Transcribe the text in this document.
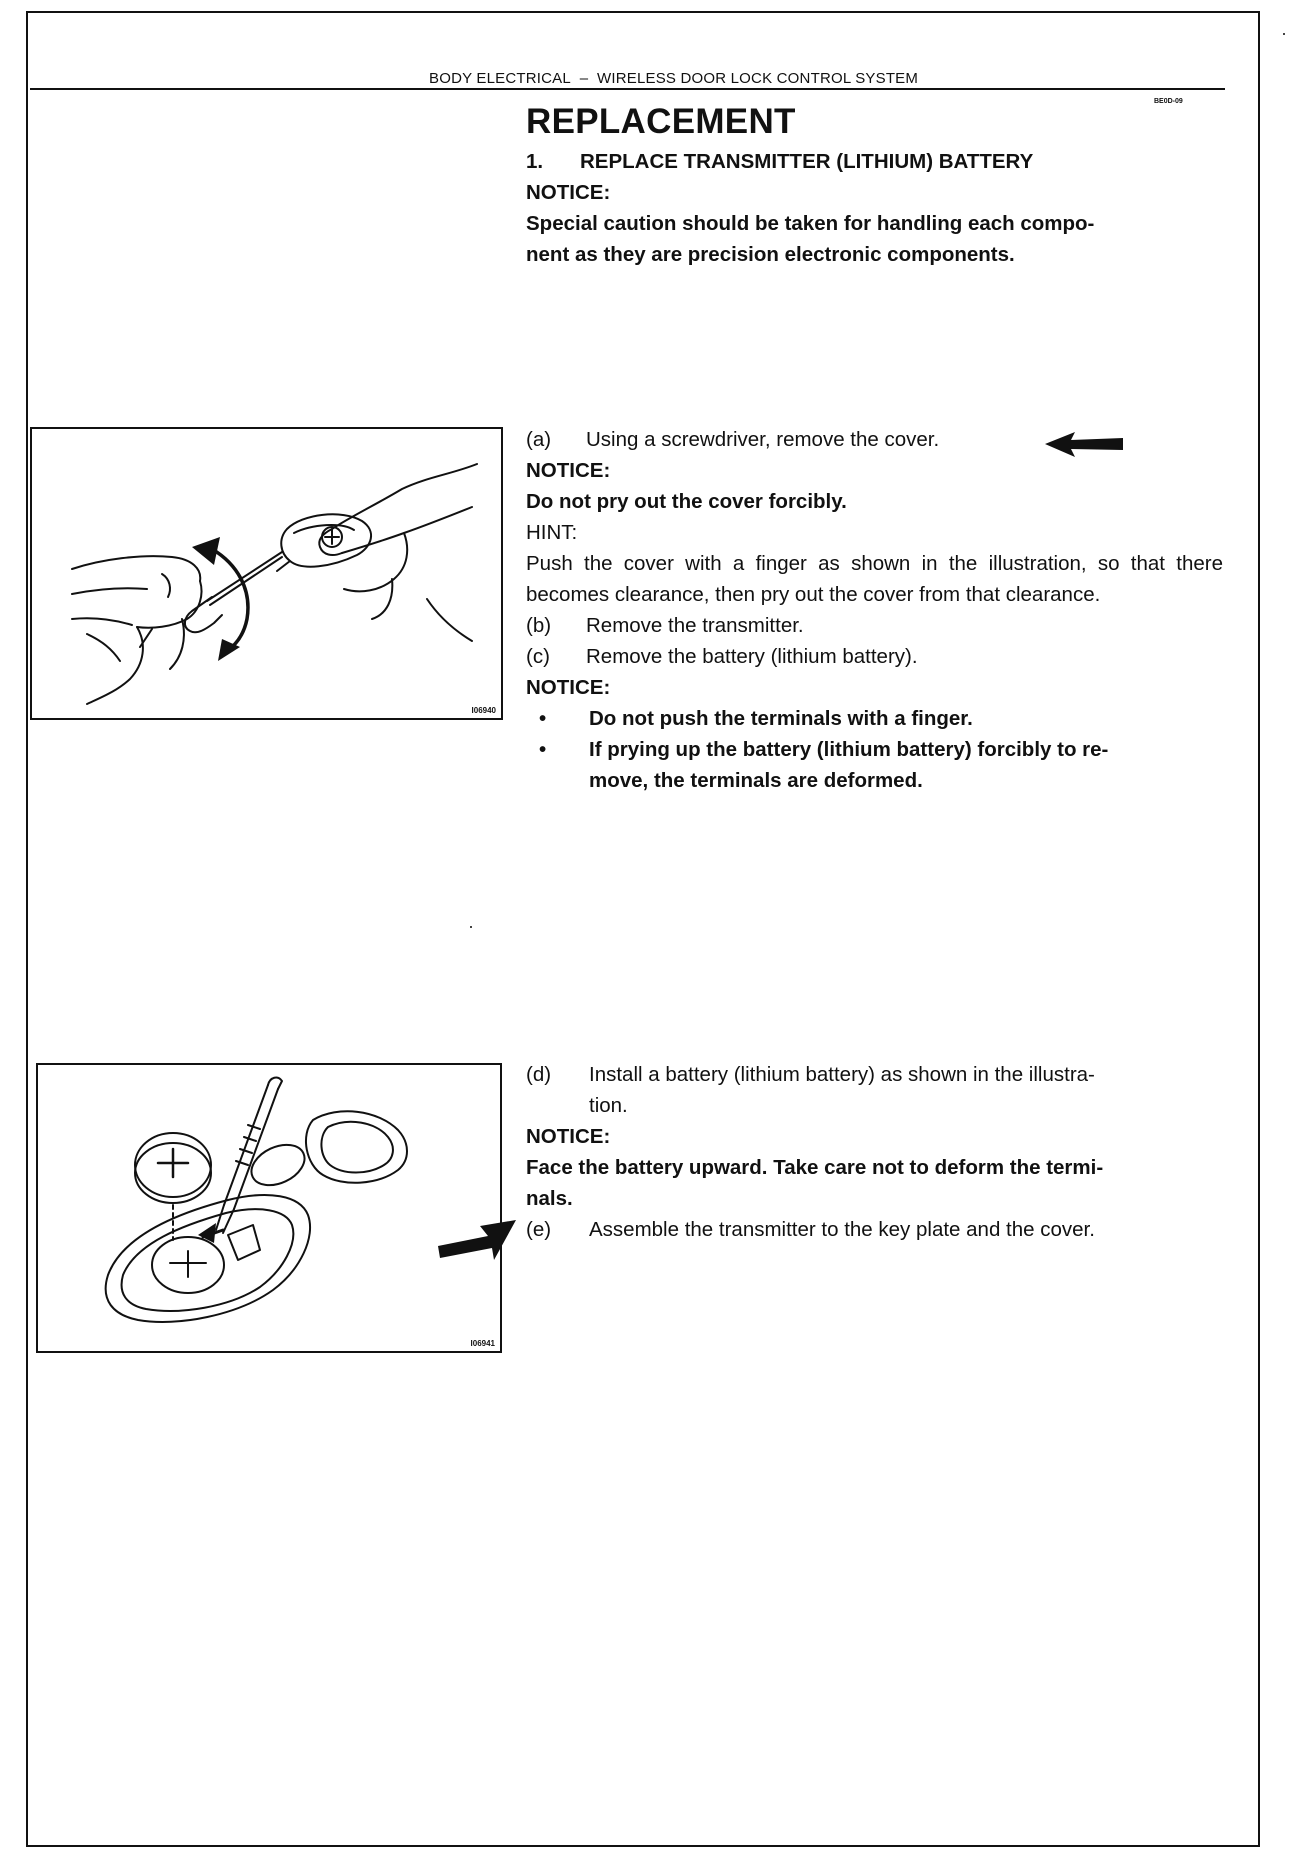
BODY ELECTRICAL – WIRELESS DOOR LOCK CONTROL SYSTEM
BE0D-09
REPLACEMENT
1.	REPLACE TRANSMITTER (LITHIUM) BATTERY
NOTICE:
Special caution should be taken for handling each compo-
nent as they are precision electronic components.
I06940
(a)	Using a screwdriver, remove the cover.
NOTICE:
Do not pry out the cover forcibly.
HINT:
Push the cover with a finger as shown in the illustration, so that there becomes clearance, then pry out the cover from that clearance.
(b)	Remove the transmitter.
(c)	Remove the battery (lithium battery).
NOTICE:
•	Do not push the terminals with a finger.
•	If prying up the battery (lithium battery) forcibly to re-
move, the terminals are deformed.
I06941
(d)	Install a battery (lithium battery) as shown in the illustra-
tion.
NOTICE:
Face the battery upward. Take care not to deform the termi-
nals.
(e)	Assemble the transmitter to the key plate and the cover.
